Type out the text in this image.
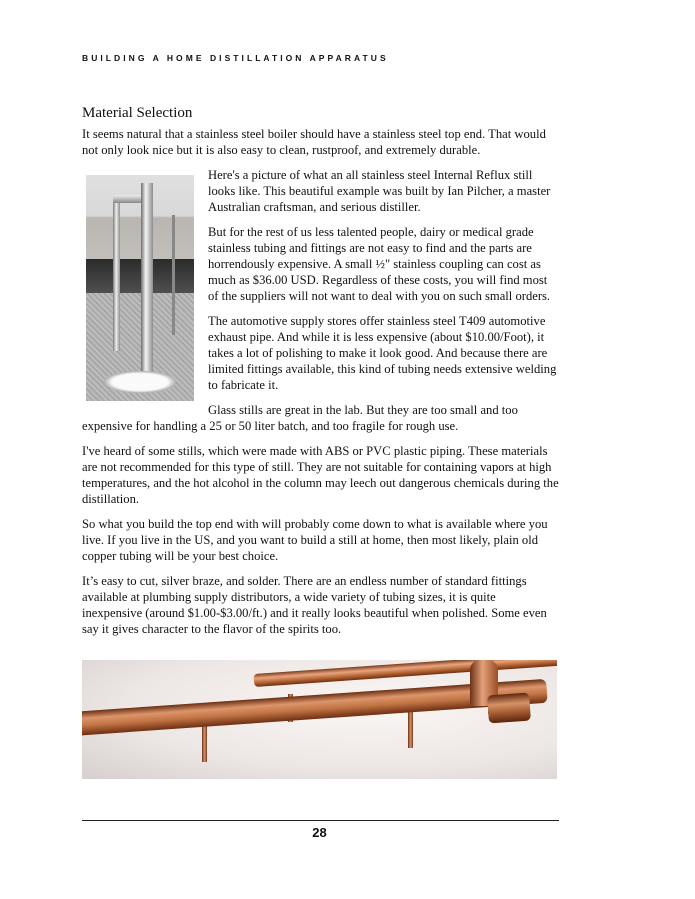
BUILDING A HOME DISTILLATION APPARATUS
Material Selection

It seems natural that a stainless steel boiler should have a stainless steel top end. That would not only look nice but it is also easy to clean, rustproof, and extremely durable.

Here's a picture of what an all stainless steel Internal Reflux still looks like. This beautiful example was built by Ian Pilcher, a master Australian craftsman, and serious distiller.

But for the rest of us less talented people, dairy or medical grade stainless tubing and fittings are not easy to find and the parts are horrendously expensive. A small ½" stainless coupling can cost as much as $36.00 USD. Regardless of these costs, you will find most of the suppliers will not want to deal with you on such small orders.

The automotive supply stores offer stainless steel T409 automotive exhaust pipe. And while it is less expensive (about $10.00/Foot), it takes a lot of polishing to make it look good. And because there are limited fittings available, this kind of tubing needs extensive welding to fabricate it.

Glass stills are great in the lab. But they are too small and too expensive for handling a 25 or 50 liter batch, and too fragile for rough use.

I've heard of some stills, which were made with ABS or PVC plastic piping. These materials are not recommended for this type of still. They are not suitable for containing vapors at high temperatures, and the hot alcohol in the column may leech out dangerous chemicals during the distillation.

So what you build the top end with will probably come down to what is available where you live. If you live in the US, and you want to build a still at home, then most likely, plain old copper tubing will be your best choice.

It’s easy to cut, silver braze, and solder. There are an endless number of standard fittings available at plumbing supply distributors, a wide variety of tubing sizes, it is quite inexpensive (around $1.00-$3.00/ft.) and it really looks beautiful when polished. Some even say it gives character to the flavor of the spirits too.

28
